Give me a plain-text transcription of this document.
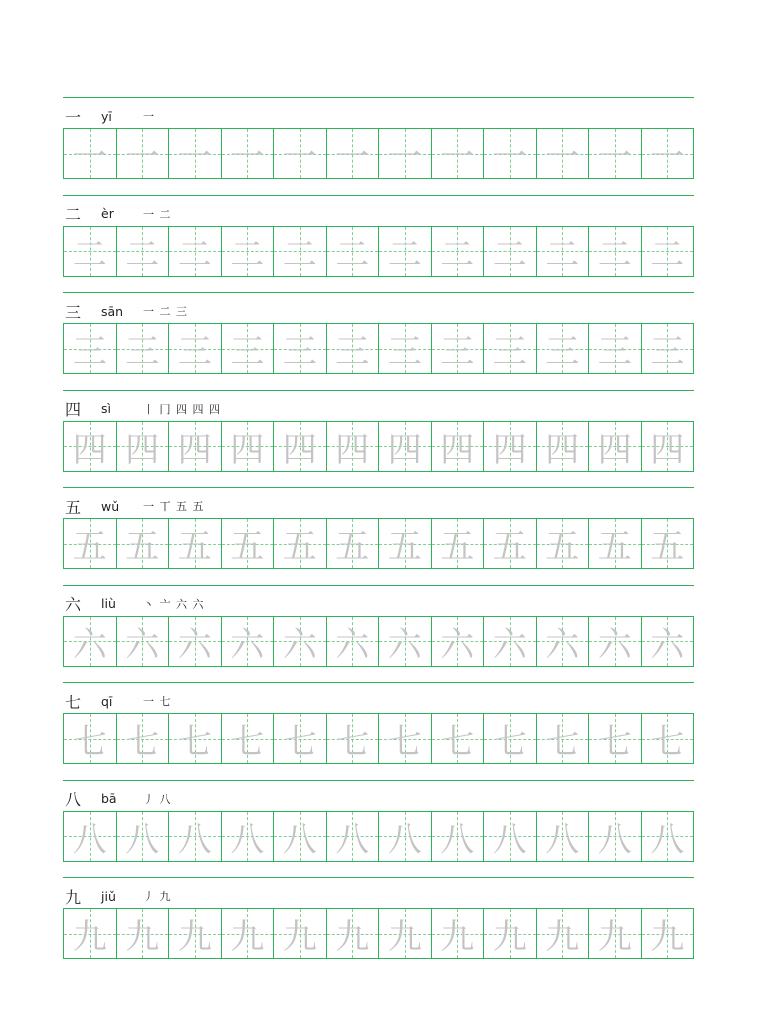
一	yī	一
一 一 一 一 一 一 一 一 一 一 一 一
二	èr	一 二
二 二 二 二 二 二 二 二 二 二 二 二
三	sān	一 二 三
三 三 三 三 三 三 三 三 三 三 三 三
四	sì	丨 冂 四 四 四
四 四 四 四 四 四 四 四 四 四 四 四
五	wǔ	一 丅 五 五
五 五 五 五 五 五 五 五 五 五 五 五
六	liù	丶 亠 六 六
六 六 六 六 六 六 六 六 六 六 六 六
七	qī	一 七
七 七 七 七 七 七 七 七 七 七 七 七
八	bā	丿 八
八 八 八 八 八 八 八 八 八 八 八 八
九	jiǔ	丿 九
九 九 九 九 九 九 九 九 九 九 九 九
